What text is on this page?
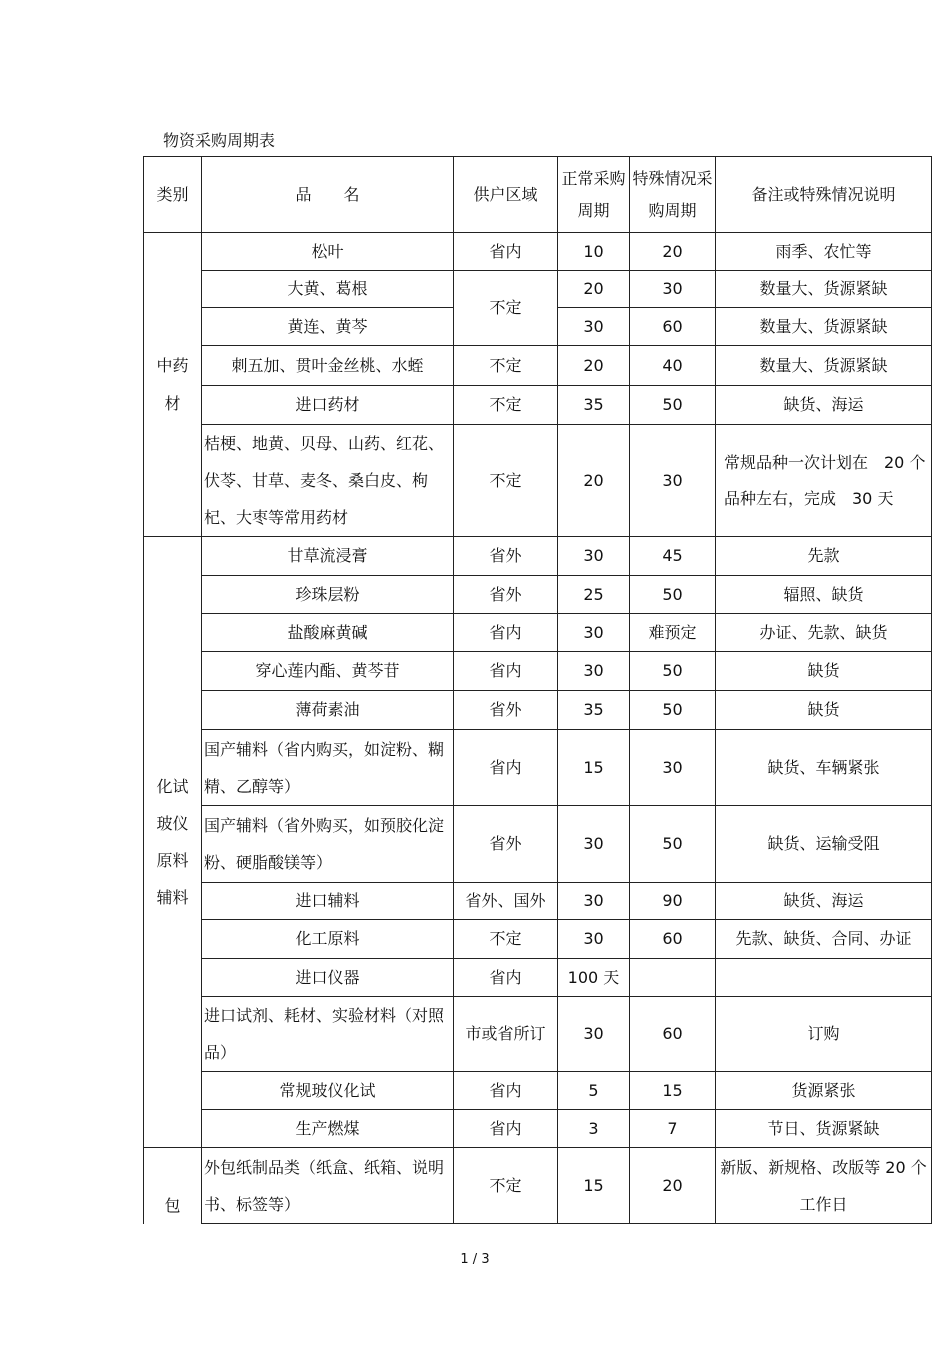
物资采购周期表
类别	品　　名	供户区域	正常采购周期	特殊情况采购周期	备注或特殊情况说明

中药材	松叶	省内	10	20	雨季、农忙等
	大黄、葛根	不定	20	30	数量大、货源紧缺
	黄连、黄芩		30	60	数量大、货源紧缺
	刺五加、贯叶金丝桃、水蛭	不定	20	40	数量大、货源紧缺
	进口药材	不定	35	50	缺货、海运
	桔梗、地黄、贝母、山药、红花、伏苓、甘草、麦冬、桑白皮、枸杞、大枣等常用药材	不定	20	30	常规品种一次计划在　20 个品种左右，完成　30 天

化试玻仪原料辅料	甘草流浸膏	省外	30	45	先款
	珍珠层粉	省外	25	50	辐照、缺货
	盐酸麻黄碱	省内	30	难预定	办证、先款、缺货
	穿心莲内酯、黄芩苷	省内	30	50	缺货
	薄荷素油	省外	35	50	缺货
	国产辅料（省内购买，如淀粉、糊精、乙醇等）	省内	15	30	缺货、车辆紧张
	国产辅料（省外购买，如预胶化淀粉、硬脂酸镁等）	省外	30	50	缺货、运输受阻
	进口辅料	省外、国外	30	90	缺货、海运
	化工原料	不定	30	60	先款、缺货、合同、办证
	进口仪器	省内	100 天		
	进口试剂、耗材、实验材料（对照品）	市或省所订	30	60	订购
	常规玻仪化试	省内	5	15	货源紧张
	生产燃煤	省内	3	7	节日、货源紧缺
包	外包纸制品类（纸盒、纸箱、说明书、标签等）	不定	15	20	新版、新规格、改版等 20 个工作日
1 / 3
